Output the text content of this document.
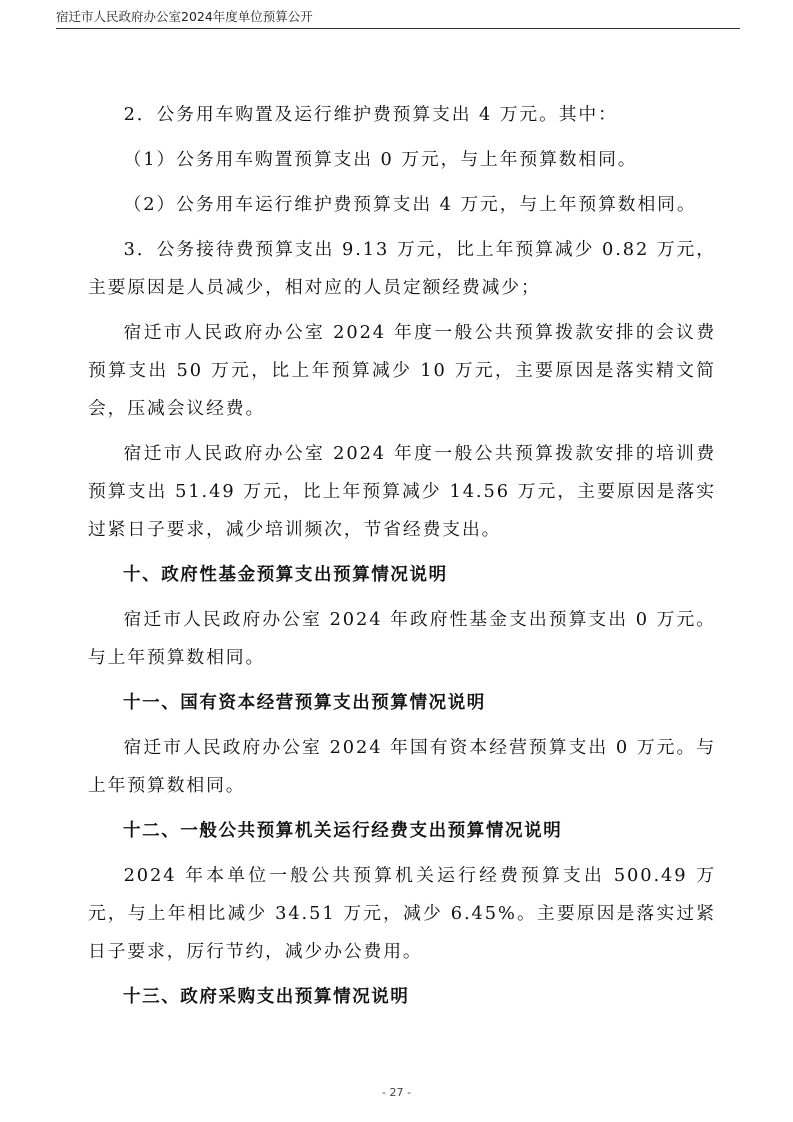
宿迁市人民政府办公室2024年度单位预算公开

2．公务用车购置及运行维护费预算支出 4 万元。其中：

（1）公务用车购置预算支出 0 万元，与上年预算数相同。

（2）公务用车运行维护费预算支出 4 万元，与上年预算数相同。

3．公务接待费预算支出 9.13 万元，比上年预算减少 0.82 万元，主要原因是人员减少，相对应的人员定额经费减少；

宿迁市人民政府办公室 2024 年度一般公共预算拨款安排的会议费预算支出 50 万元，比上年预算减少 10 万元，主要原因是落实精文简会，压减会议经费。

宿迁市人民政府办公室 2024 年度一般公共预算拨款安排的培训费预算支出 51.49 万元，比上年预算减少 14.56 万元，主要原因是落实过紧日子要求，减少培训频次，节省经费支出。

十、政府性基金预算支出预算情况说明

宿迁市人民政府办公室 2024 年政府性基金支出预算支出 0 万元。与上年预算数相同。

十一、国有资本经营预算支出预算情况说明

宿迁市人民政府办公室 2024 年国有资本经营预算支出 0 万元。与上年预算数相同。

十二、一般公共预算机关运行经费支出预算情况说明

2024 年本单位一般公共预算机关运行经费预算支出 500.49 万元，与上年相比减少 34.51 万元，减少 6.45%。主要原因是落实过紧日子要求，厉行节约，减少办公费用。

十三、政府采购支出预算情况说明

- 27 -
